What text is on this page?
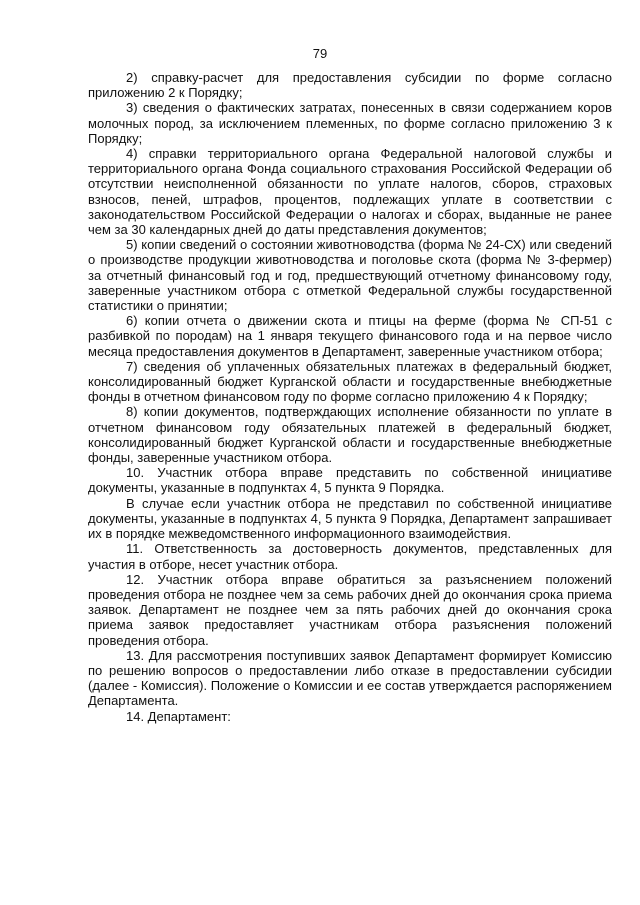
79

2) справку-расчет для предоставления субсидии по форме согласно приложению 2 к Порядку;

3) сведения о фактических затратах, понесенных в связи содержанием коров молочных пород, за исключением племенных, по форме согласно приложению 3 к Порядку;

4) справки территориального органа Федеральной налоговой службы и территориального органа Фонда социального страхования Российской Федерации об отсутствии неисполненной обязанности по уплате налогов, сборов, страховых взносов, пеней, штрафов, процентов, подлежащих уплате в соответствии с законодательством Российской Федерации о налогах и сборах, выданные не ранее чем за 30 календарных дней до даты представления документов;

5) копии сведений о состоянии животноводства (форма № 24-СХ) или сведений о производстве продукции животноводства и поголовье скота (форма № 3-фермер) за отчетный финансовый год и год, предшествующий отчетному финансовому году, заверенные участником отбора с отметкой Федеральной службы государственной статистики о принятии;

6) копии отчета о движении скота и птицы на ферме (форма № СП-51 с разбивкой по породам) на 1 января текущего финансового года и на первое число месяца предоставления документов в Департамент, заверенные участником отбора;

7) сведения об уплаченных обязательных платежах в федеральный бюджет, консолидированный бюджет Курганской области и государственные внебюджетные фонды в отчетном финансовом году по форме согласно приложению 4 к Порядку;

8) копии документов, подтверждающих исполнение обязанности по уплате в отчетном финансовом году обязательных платежей в федеральный бюджет, консолидированный бюджет Курганской области и государственные внебюджетные фонды, заверенные участником отбора.

10. Участник отбора вправе представить по собственной инициативе документы, указанные в подпунктах 4, 5 пункта 9 Порядка.

В случае если участник отбора не представил по собственной инициативе документы, указанные в подпунктах 4, 5 пункта 9 Порядка, Департамент запрашивает их в порядке межведомственного информационного взаимодействия.

11. Ответственность за достоверность документов, представленных для участия в отборе, несет участник отбора.

12. Участник отбора вправе обратиться за разъяснением положений проведения отбора не позднее чем за семь рабочих дней до окончания срока приема заявок. Департамент не позднее чем за пять рабочих дней до окончания срока приема заявок предоставляет участникам отбора разъяснения положений проведения отбора.

13. Для рассмотрения поступивших заявок Департамент формирует Комиссию по решению вопросов о предоставлении либо отказе в предоставлении субсидии (далее - Комиссия). Положение о Комиссии и ее состав утверждается распоряжением Департамента.

14. Департамент:
